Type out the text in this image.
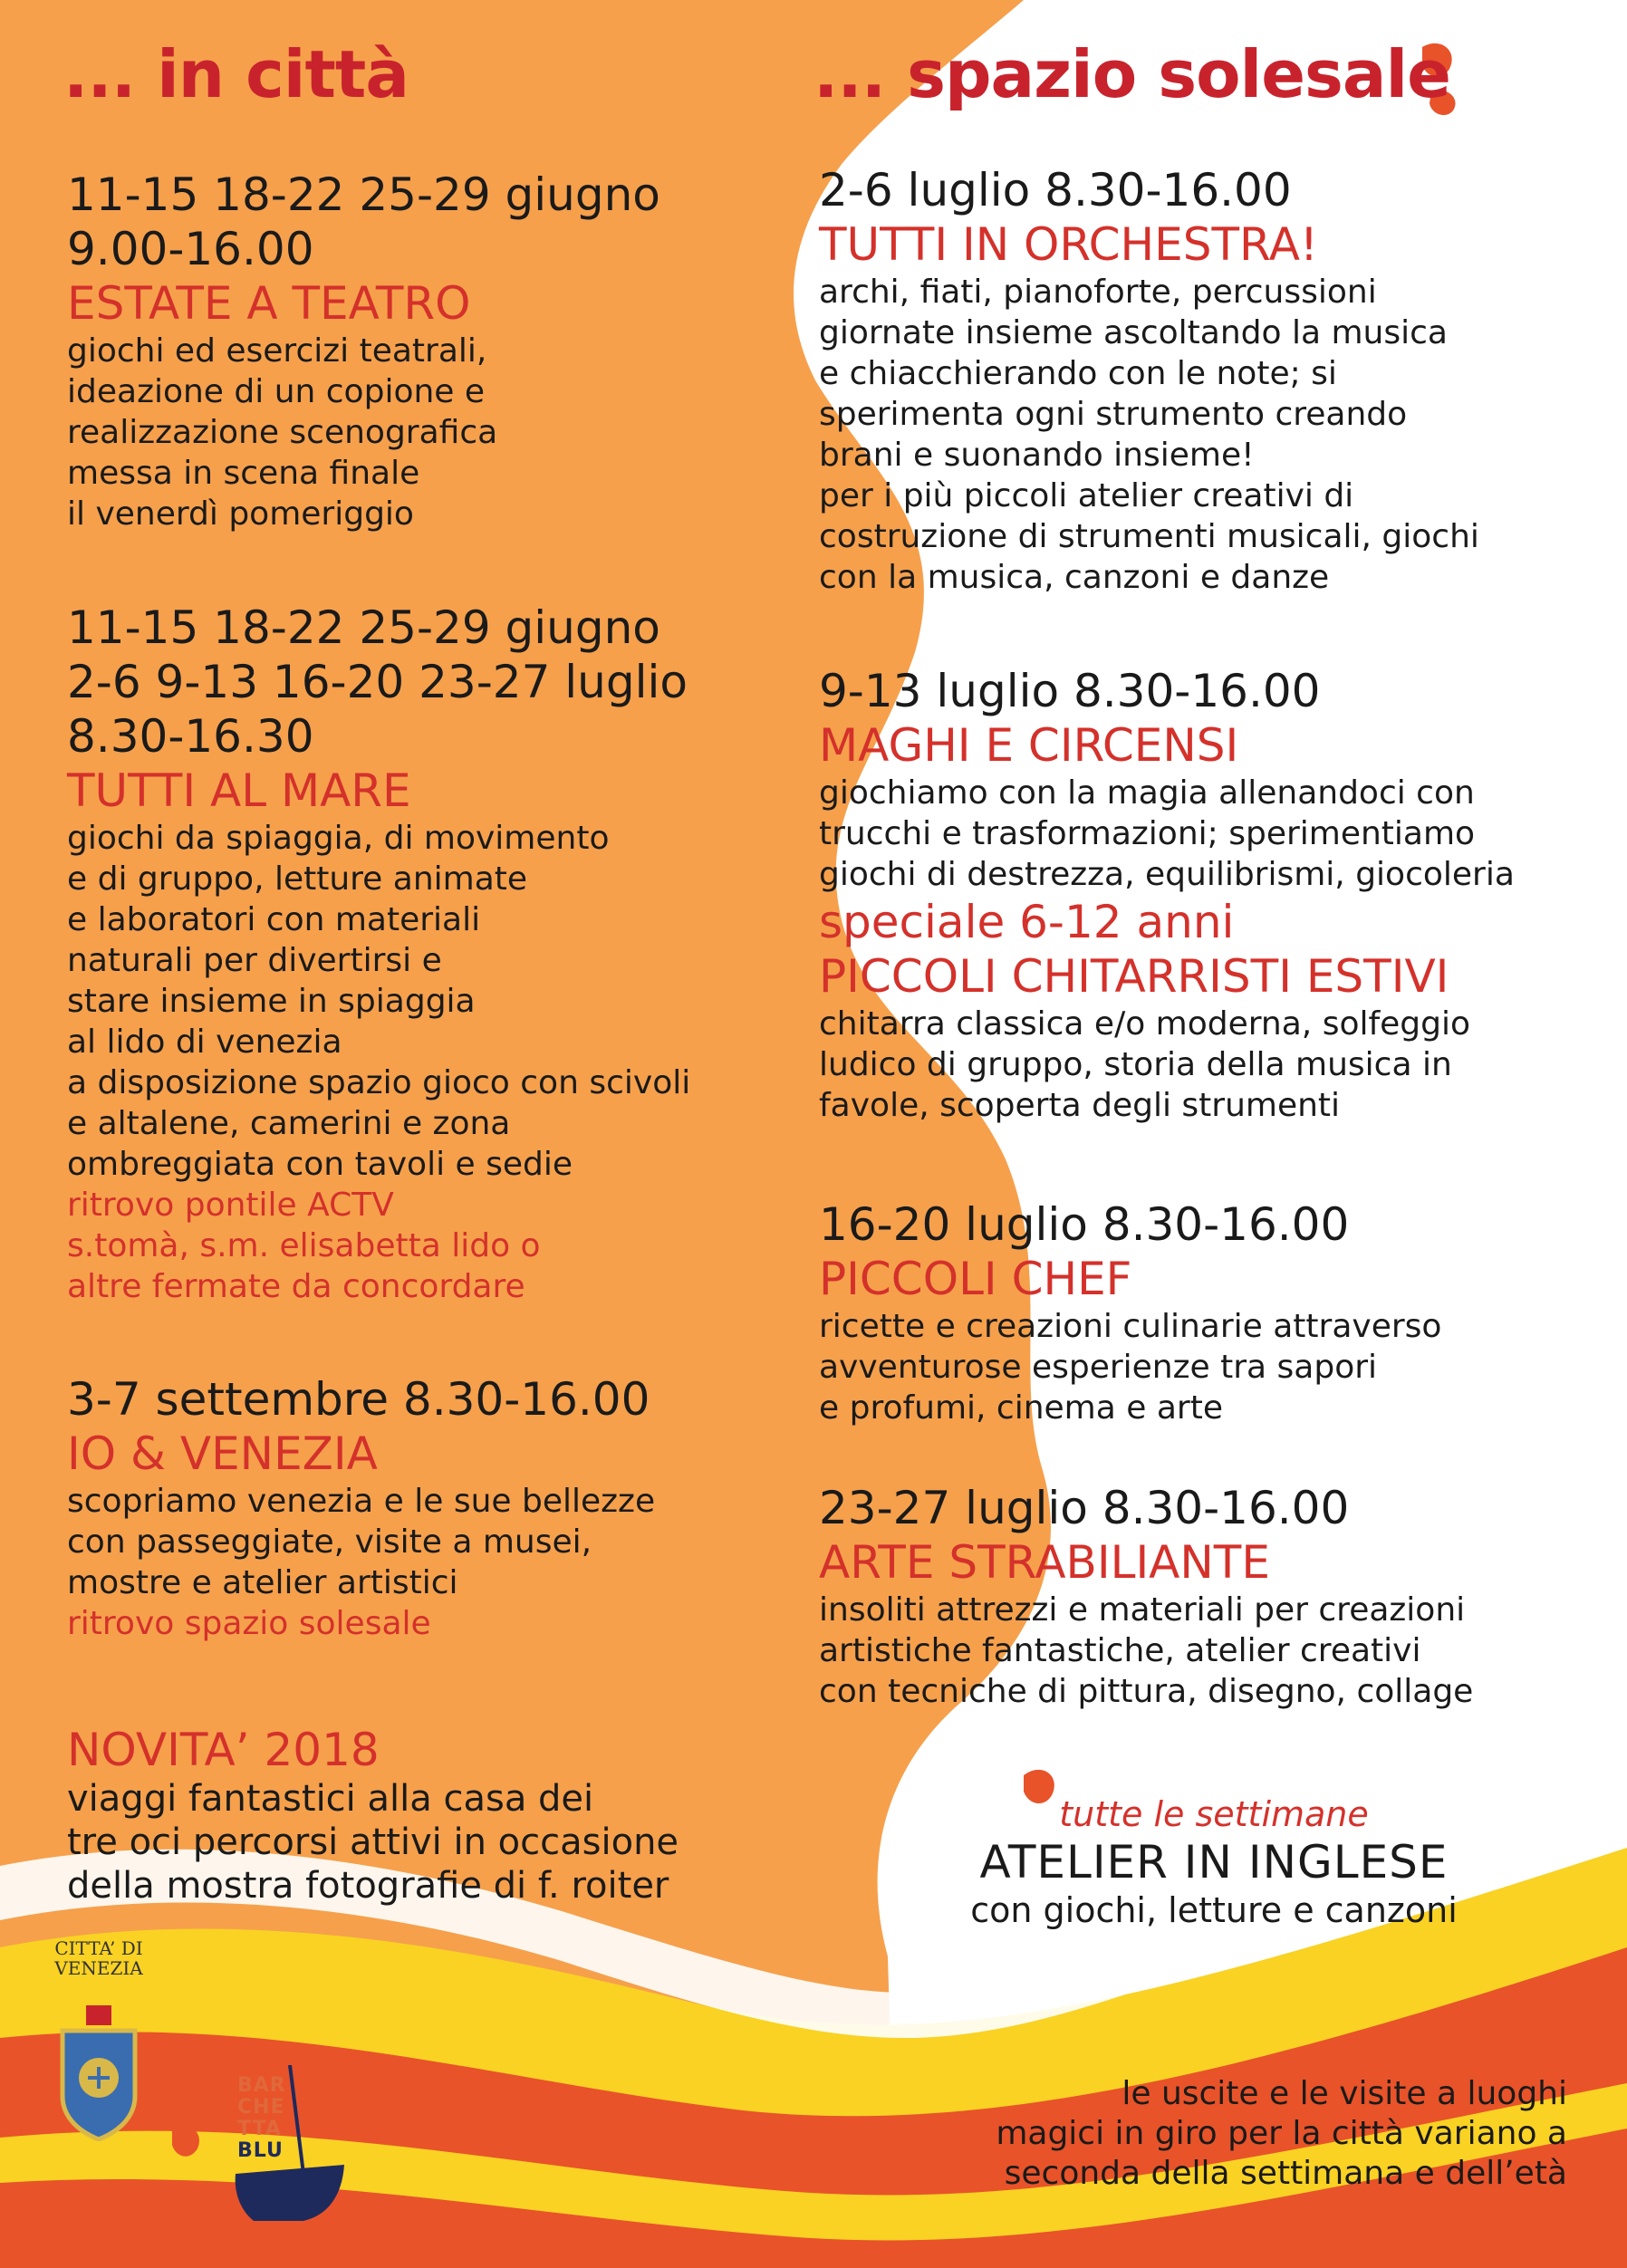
... in città	... spazio solesale
11-15 18-22 25-29 giugno
9.00-16.00
ESTATE A TEATRO
giochi ed esercizi teatrali,
ideazione di un copione e
realizzazione scenografica
messa in scena finale
il venerdì pomeriggio
11-15 18-22 25-29 giugno
2-6 9-13 16-20 23-27 luglio
8.30-16.30
TUTTI AL MARE
giochi da spiaggia, di movimento
e di gruppo, letture animate
e laboratori con materiali
naturali per divertirsi e
stare insieme in spiaggia
al lido di venezia
a disposizione spazio gioco con scivoli
e altalene, camerini e zona
ombreggiata con tavoli e sedie
ritrovo pontile ACTV
s.tomà, s.m. elisabetta lido o
altre fermate da concordare
3-7 settembre 8.30-16.00
IO & VENEZIA
scopriamo venezia e le sue bellezze
con passeggiate, visite a musei,
mostre e atelier artistici
ritrovo spazio solesale
NOVITA’ 2018
viaggi fantastici alla casa dei
tre oci percorsi attivi in occasione
della mostra fotografie di f. roiter
2-6 luglio 8.30-16.00
TUTTI IN ORCHESTRA!
archi, fiati, pianoforte, percussioni
giornate insieme ascoltando la musica
e chiacchierando con le note; si
sperimenta ogni strumento creando
brani e suonando insieme!
per i più piccoli atelier creativi di
costruzione di strumenti musicali, giochi
con la musica, canzoni e danze
9-13 luglio 8.30-16.00
MAGHI E CIRCENSI
giochiamo con la magia allenandoci con
trucchi e trasformazioni; sperimentiamo
giochi di destrezza, equilibrismi, giocoleria
speciale 6-12 anni
PICCOLI CHITARRISTI ESTIVI
chitarra classica e/o moderna, solfeggio
ludico di gruppo, storia della musica in
favole, scoperta degli strumenti
16-20 luglio 8.30-16.00
PICCOLI CHEF
ricette e creazioni culinarie attraverso
avventurose esperienze tra sapori
e profumi, cinema e arte
23-27 luglio 8.30-16.00
ARTE STRABILIANTE
insoliti attrezzi e materiali per creazioni
artistiche fantastiche, atelier creativi
con tecniche di pittura, disegno, collage
tutte le settimane
ATELIER IN INGLESE
con giochi, letture e canzoni
le uscite e le visite a luoghi
magici in giro per la città variano a
seconda della settimana e dell’età
CITTA’ DI
VENEZIA
BAR
CHE
TTA
BLU
